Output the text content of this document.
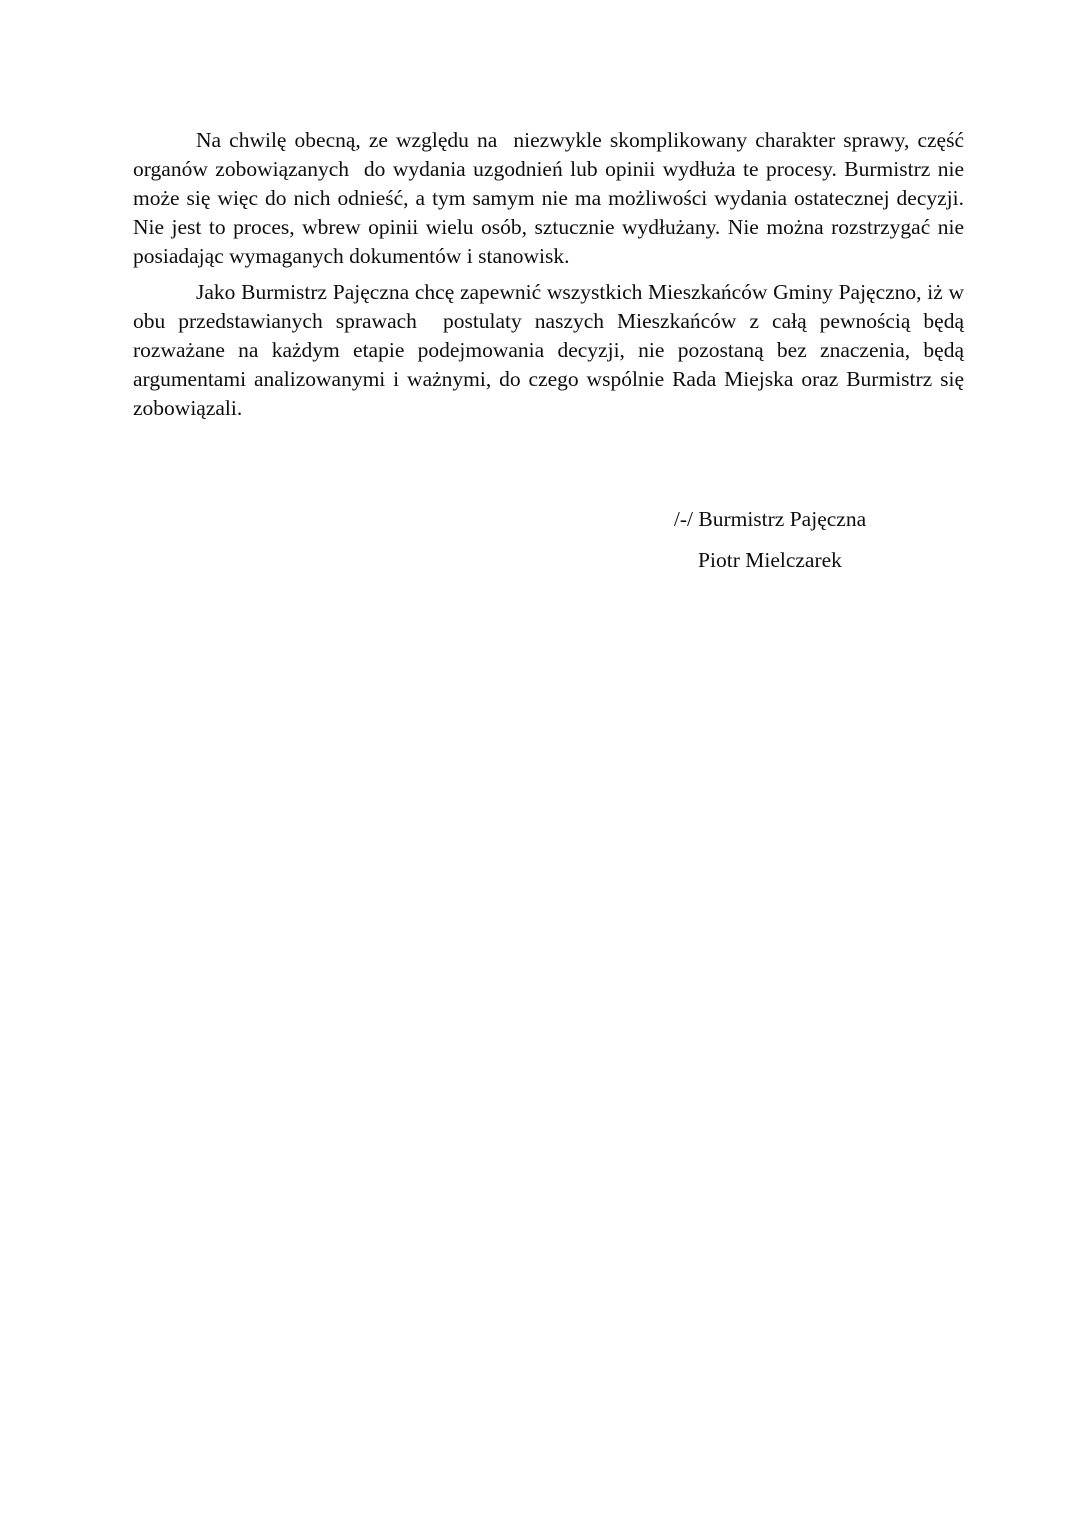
Na chwilę obecną, ze względu na  niezwykle skomplikowany charakter sprawy, część organów zobowiązanych  do wydania uzgodnień lub opinii wydłuża te procesy. Burmistrz nie może się więc do nich odnieść, a tym samym nie ma możliwości wydania ostatecznej decyzji. Nie jest to proces, wbrew opinii wielu osób, sztucznie wydłużany. Nie można rozstrzygać nie posiadając wymaganych dokumentów i stanowisk.

Jako Burmistrz Pajęczna chcę zapewnić wszystkich Mieszkańców Gminy Pajęczno, iż w obu przedstawianych sprawach  postulaty naszych Mieszkańców z całą pewnością będą rozważane na każdym etapie podejmowania decyzji, nie pozostaną bez znaczenia, będą argumentami analizowanymi i ważnymi, do czego wspólnie Rada Miejska oraz Burmistrz się zobowiązali.

/-/ Burmistrz Pajęczna
Piotr Mielczarek
